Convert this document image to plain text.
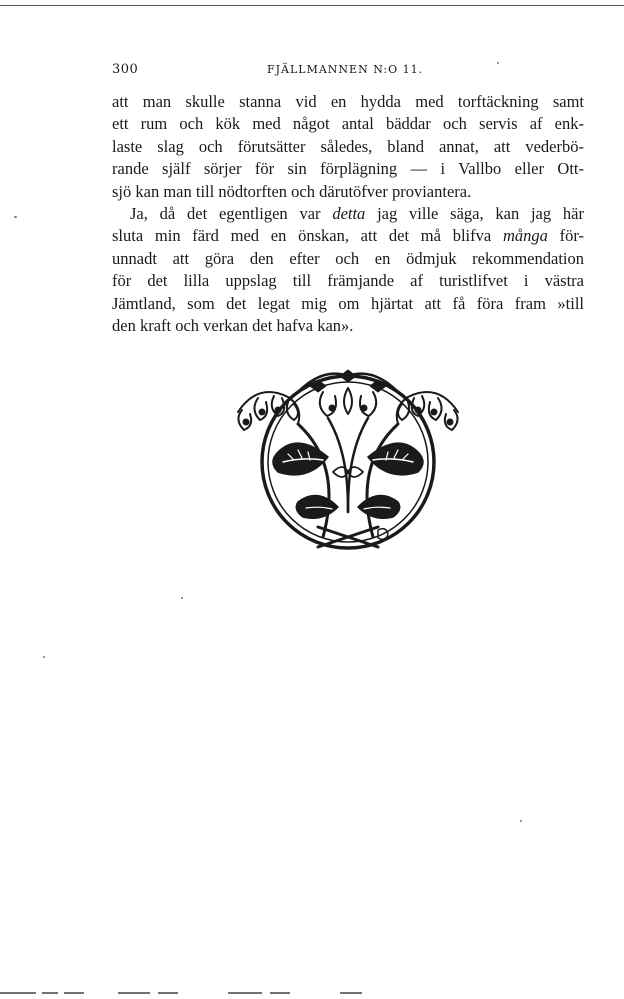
300	FJÄLLMANNEN N:O 11.
att man skulle stanna vid en hydda med torftäckning samt
ett rum och kök med något antal bäddar och servis af enk-
laste slag och förutsätter således, bland annat, att vederbö-
rande själf sörjer för sin förplägning — i Vallbo eller Ott-
sjö kan man till nödtorften och därutöfver proviantera.
Ja, då det egentligen var detta jag ville säga, kan jag här
sluta min färd med en önskan, att det må blifva många för-
unnadt att göra den efter och en ödmjuk rekommendation
för det lilla uppslag till främjande af turistlifvet i västra
Jämtland, som det legat mig om hjärtat att få föra fram »till
den kraft och verkan det hafva kan».
